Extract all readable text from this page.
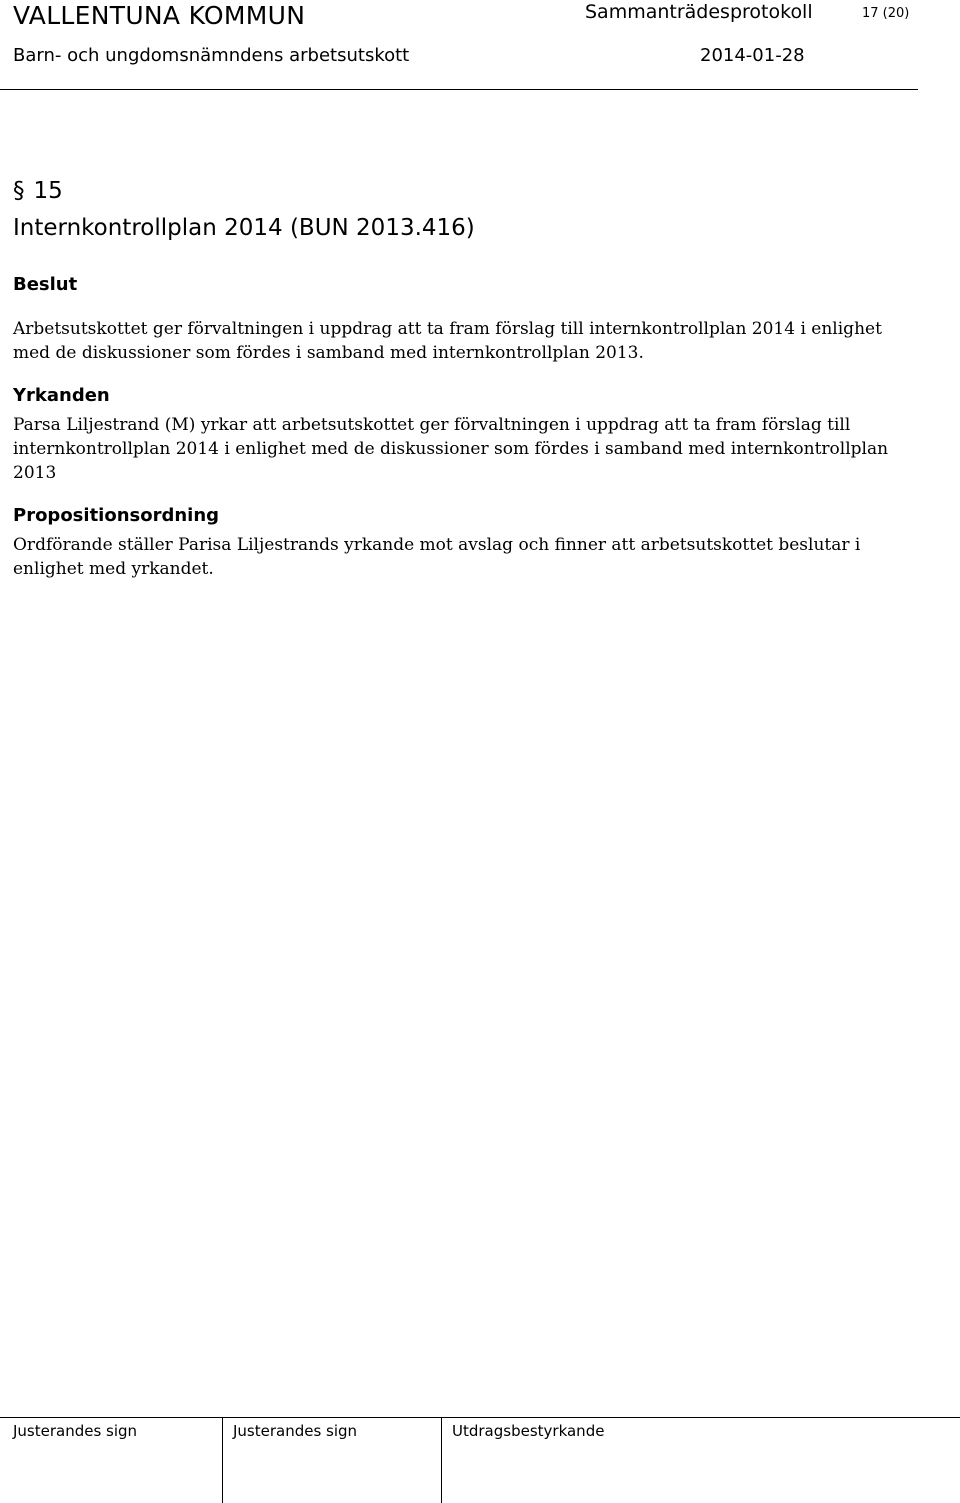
VALLENTUNA KOMMUN	Sammanträdesprotokoll	17 (20)
Barn- och ungdomsnämndens arbetsutskott	2014-01-28
§ 15
Internkontrollplan 2014 (BUN 2013.416)
Beslut
Arbetsutskottet ger förvaltningen i uppdrag att ta fram förslag till internkontrollplan 2014 i enlighet
med de diskussioner som fördes i samband med internkontrollplan 2013.
Yrkanden
Parsa Liljestrand (M) yrkar att arbetsutskottet ger förvaltningen i uppdrag att ta fram förslag till
internkontrollplan 2014 i enlighet med de diskussioner som fördes i samband med internkontrollplan
2013
Propositionsordning
Ordförande ställer Parisa Liljestrands yrkande mot avslag och finner att arbetsutskottet beslutar i
enlighet med yrkandet.
Justerandes sign	Justerandes sign	Utdragsbestyrkande
